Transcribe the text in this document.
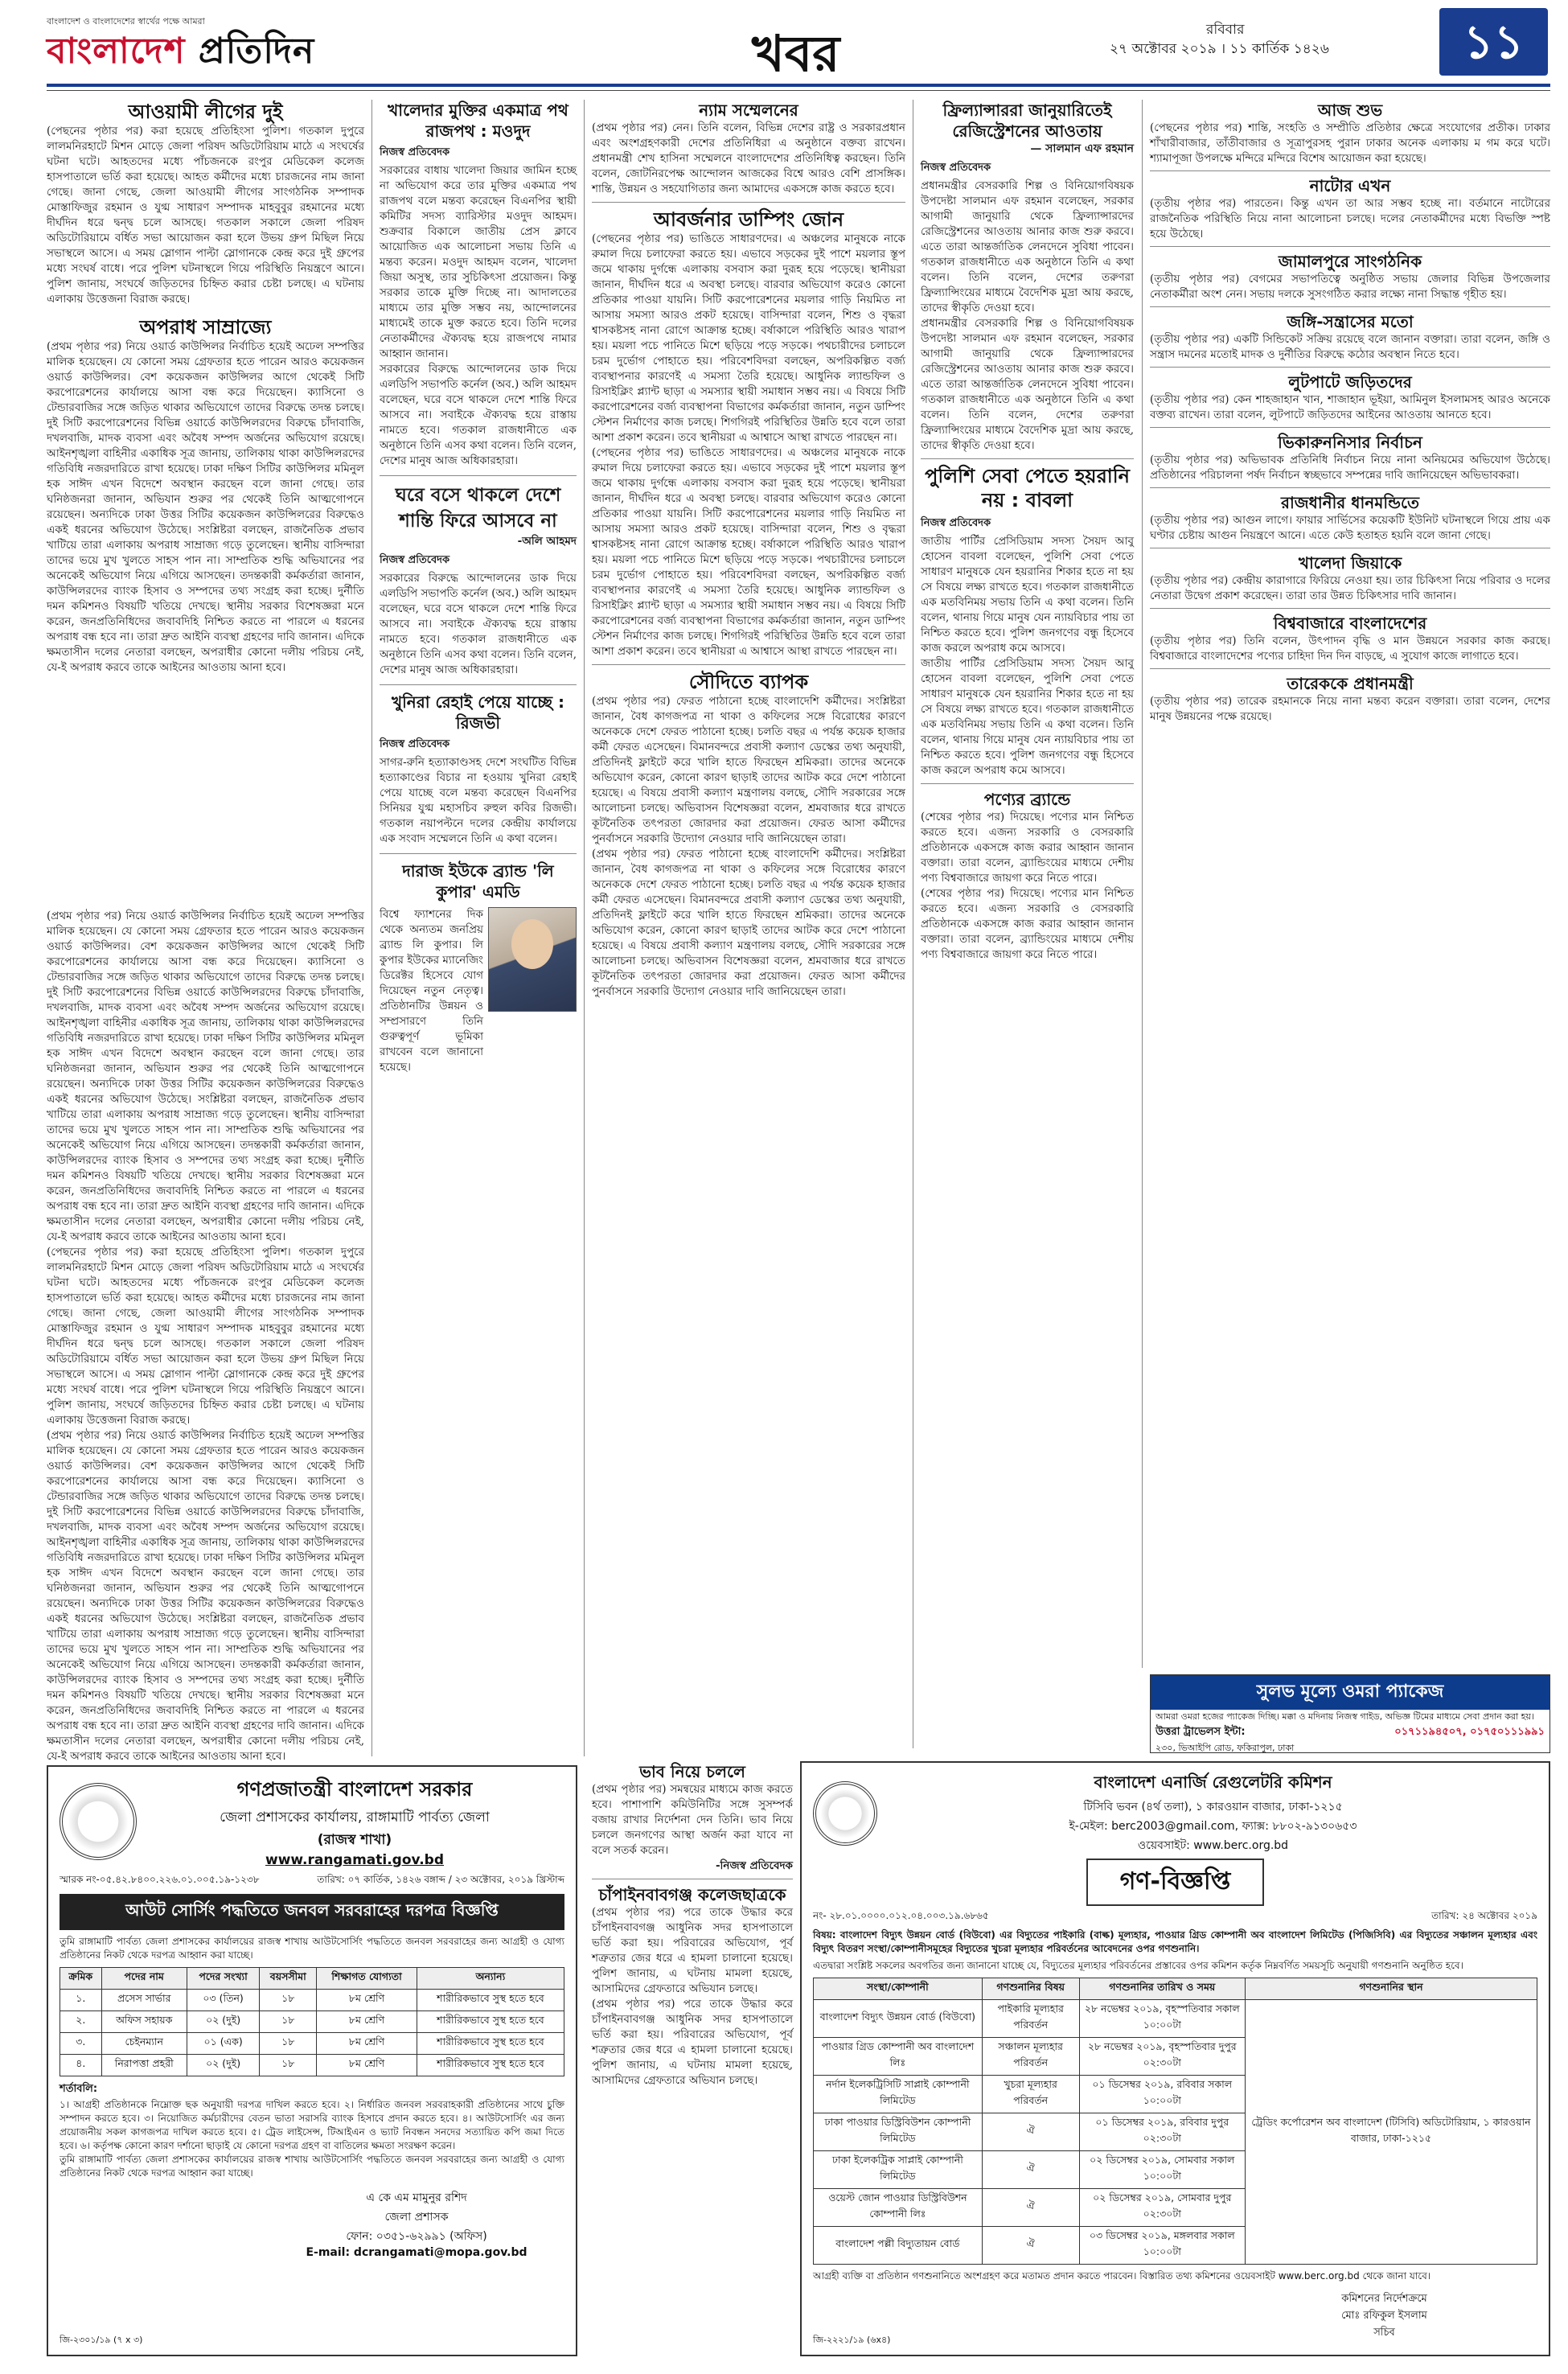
বাংলাদেশ ও বাংলাদেশের স্বার্থের পক্ষে আমরা
বাংলাদেশ প্রতিদিন	খবর	রবিবার
২৭ অক্টোবর ২০১৯ । ১১ কার্তিক ১৪২৬	১১
আওয়ামী লীগের দুই
(পেছনের পৃষ্ঠার পর) করা হয়েছে প্রতিহিংসা পুলিশ। গতকাল দুপুরে লালমনিরহাটে মিশন মোড়ে জেলা পরিষদ অডিটোরিয়াম মাঠে এ সংঘর্ষের ঘটনা ঘটে। আহতদের মধ্যে পাঁচজনকে রংপুর মেডিকেল কলেজ হাসপাতালে ভর্তি করা হয়েছে। আহত কর্মীদের মধ্যে চারজনের নাম জানা গেছে। জানা গেছে, জেলা আওয়ামী লীগের সাংগঠনিক সম্পাদক মোস্তাফিজুর রহমান ও যুগ্ম সাধারণ সম্পাদক মাহবুবুর রহমানের মধ্যে দীর্ঘদিন ধরে দ্বন্দ্ব চলে আসছে। গতকাল সকালে জেলা পরিষদ অডিটোরিয়ামে বর্ধিত সভা আয়োজন করা হলে উভয় গ্রুপ মিছিল নিয়ে সভাস্থলে আসে। এ সময় স্লোগান পাল্টা স্লোগানকে কেন্দ্র করে দুই গ্রুপের মধ্যে সংঘর্ষ বাধে। পরে পুলিশ ঘটনাস্থলে গিয়ে পরিস্থিতি নিয়ন্ত্রণে আনে। পুলিশ জানায়, সংঘর্ষে জড়িতদের চিহ্নিত করার চেষ্টা চলছে। এ ঘটনায় এলাকায় উত্তেজনা বিরাজ করছে।
অপরাধ সাম্রাজ্যে
(প্রথম পৃষ্ঠার পর) নিয়ে ওয়ার্ড কাউন্সিলর নির্বাচিত হয়েই অঢেল সম্পত্তির মালিক হয়েছেন। যে কোনো সময় গ্রেফতার হতে পারেন আরও কয়েকজন ওয়ার্ড কাউন্সিলর। বেশ কয়েকজন কাউন্সিলর আগে থেকেই সিটি করপোরেশনের কার্যালয়ে আসা বন্ধ করে দিয়েছেন। ক্যাসিনো ও টেন্ডারবাজির সঙ্গে জড়িত থাকার অভিযোগে তাদের বিরুদ্ধে তদন্ত চলছে। দুই সিটি করপোরেশনের বিভিন্ন ওয়ার্ডে কাউন্সিলরদের বিরুদ্ধে চাঁদাবাজি, দখলবাজি, মাদক ব্যবসা এবং অবৈধ সম্পদ অর্জনের অভিযোগ রয়েছে। আইনশৃঙ্খলা বাহিনীর একাধিক সূত্র জানায়, তালিকায় থাকা কাউন্সিলরদের গতিবিধি নজরদারিতে রাখা হয়েছে। ঢাকা দক্ষিণ সিটির কাউন্সিলর মমিনুল হক সাঈদ এখন বিদেশে অবস্থান করছেন বলে জানা গেছে। তার ঘনিষ্ঠজনরা জানান, অভিযান শুরুর পর থেকেই তিনি আত্মগোপনে রয়েছেন। অন্যদিকে ঢাকা উত্তর সিটির কয়েকজন কাউন্সিলরের বিরুদ্ধেও একই ধরনের অভিযোগ উঠেছে। সংশ্লিষ্টরা বলছেন, রাজনৈতিক প্রভাব খাটিয়ে তারা এলাকায় অপরাধ সাম্রাজ্য গড়ে তুলেছেন। স্থানীয় বাসিন্দারা তাদের ভয়ে মুখ খুলতে সাহস পান না। সাম্প্রতিক শুদ্ধি অভিযানের পর অনেকেই অভিযোগ নিয়ে এগিয়ে আসছেন। তদন্তকারী কর্মকর্তারা জানান, কাউন্সিলরদের ব্যাংক হিসাব ও সম্পদের তথ্য সংগ্রহ করা হচ্ছে। দুর্নীতি দমন কমিশনও বিষয়টি খতিয়ে দেখছে। স্থানীয় সরকার বিশেষজ্ঞরা মনে করেন, জনপ্রতিনিধিদের জবাবদিহি নিশ্চিত করতে না পারলে এ ধরনের অপরাধ বন্ধ হবে না। তারা দ্রুত আইনি ব্যবস্থা গ্রহণের দাবি জানান। এদিকে ক্ষমতাসীন দলের নেতারা বলছেন, অপরাধীর কোনো দলীয় পরিচয় নেই, যে-ই অপরাধ করবে তাকে আইনের আওতায় আনা হবে।
(প্রথম পৃষ্ঠার পর) নিয়ে ওয়ার্ড কাউন্সিলর নির্বাচিত হয়েই অঢেল সম্পত্তির মালিক হয়েছেন। যে কোনো সময় গ্রেফতার হতে পারেন আরও কয়েকজন ওয়ার্ড কাউন্সিলর। বেশ কয়েকজন কাউন্সিলর আগে থেকেই সিটি করপোরেশনের কার্যালয়ে আসা বন্ধ করে দিয়েছেন। ক্যাসিনো ও টেন্ডারবাজির সঙ্গে জড়িত থাকার অভিযোগে তাদের বিরুদ্ধে তদন্ত চলছে। দুই সিটি করপোরেশনের বিভিন্ন ওয়ার্ডে কাউন্সিলরদের বিরুদ্ধে চাঁদাবাজি, দখলবাজি, মাদক ব্যবসা এবং অবৈধ সম্পদ অর্জনের অভিযোগ রয়েছে। আইনশৃঙ্খলা বাহিনীর একাধিক সূত্র জানায়, তালিকায় থাকা কাউন্সিলরদের গতিবিধি নজরদারিতে রাখা হয়েছে। ঢাকা দক্ষিণ সিটির কাউন্সিলর মমিনুল হক সাঈদ এখন বিদেশে অবস্থান করছেন বলে জানা গেছে। তার ঘনিষ্ঠজনরা জানান, অভিযান শুরুর পর থেকেই তিনি আত্মগোপনে রয়েছেন। অন্যদিকে ঢাকা উত্তর সিটির কয়েকজন কাউন্সিলরের বিরুদ্ধেও একই ধরনের অভিযোগ উঠেছে। সংশ্লিষ্টরা বলছেন, রাজনৈতিক প্রভাব খাটিয়ে তারা এলাকায় অপরাধ সাম্রাজ্য গড়ে তুলেছেন। স্থানীয় বাসিন্দারা তাদের ভয়ে মুখ খুলতে সাহস পান না। সাম্প্রতিক শুদ্ধি অভিযানের পর অনেকেই অভিযোগ নিয়ে এগিয়ে আসছেন। তদন্তকারী কর্মকর্তারা জানান, কাউন্সিলরদের ব্যাংক হিসাব ও সম্পদের তথ্য সংগ্রহ করা হচ্ছে। দুর্নীতি দমন কমিশনও বিষয়টি খতিয়ে দেখছে। স্থানীয় সরকার বিশেষজ্ঞরা মনে করেন, জনপ্রতিনিধিদের জবাবদিহি নিশ্চিত করতে না পারলে এ ধরনের অপরাধ বন্ধ হবে না। তারা দ্রুত আইনি ব্যবস্থা গ্রহণের দাবি জানান। এদিকে ক্ষমতাসীন দলের নেতারা বলছেন, অপরাধীর কোনো দলীয় পরিচয় নেই, যে-ই অপরাধ করবে তাকে আইনের আওতায় আনা হবে।
(পেছনের পৃষ্ঠার পর) করা হয়েছে প্রতিহিংসা পুলিশ। গতকাল দুপুরে লালমনিরহাটে মিশন মোড়ে জেলা পরিষদ অডিটোরিয়াম মাঠে এ সংঘর্ষের ঘটনা ঘটে। আহতদের মধ্যে পাঁচজনকে রংপুর মেডিকেল কলেজ হাসপাতালে ভর্তি করা হয়েছে। আহত কর্মীদের মধ্যে চারজনের নাম জানা গেছে। জানা গেছে, জেলা আওয়ামী লীগের সাংগঠনিক সম্পাদক মোস্তাফিজুর রহমান ও যুগ্ম সাধারণ সম্পাদক মাহবুবুর রহমানের মধ্যে দীর্ঘদিন ধরে দ্বন্দ্ব চলে আসছে। গতকাল সকালে জেলা পরিষদ অডিটোরিয়ামে বর্ধিত সভা আয়োজন করা হলে উভয় গ্রুপ মিছিল নিয়ে সভাস্থলে আসে। এ সময় স্লোগান পাল্টা স্লোগানকে কেন্দ্র করে দুই গ্রুপের মধ্যে সংঘর্ষ বাধে। পরে পুলিশ ঘটনাস্থলে গিয়ে পরিস্থিতি নিয়ন্ত্রণে আনে। পুলিশ জানায়, সংঘর্ষে জড়িতদের চিহ্নিত করার চেষ্টা চলছে। এ ঘটনায় এলাকায় উত্তেজনা বিরাজ করছে।
(প্রথম পৃষ্ঠার পর) নিয়ে ওয়ার্ড কাউন্সিলর নির্বাচিত হয়েই অঢেল সম্পত্তির মালিক হয়েছেন। যে কোনো সময় গ্রেফতার হতে পারেন আরও কয়েকজন ওয়ার্ড কাউন্সিলর। বেশ কয়েকজন কাউন্সিলর আগে থেকেই সিটি করপোরেশনের কার্যালয়ে আসা বন্ধ করে দিয়েছেন। ক্যাসিনো ও টেন্ডারবাজির সঙ্গে জড়িত থাকার অভিযোগে তাদের বিরুদ্ধে তদন্ত চলছে। দুই সিটি করপোরেশনের বিভিন্ন ওয়ার্ডে কাউন্সিলরদের বিরুদ্ধে চাঁদাবাজি, দখলবাজি, মাদক ব্যবসা এবং অবৈধ সম্পদ অর্জনের অভিযোগ রয়েছে। আইনশৃঙ্খলা বাহিনীর একাধিক সূত্র জানায়, তালিকায় থাকা কাউন্সিলরদের গতিবিধি নজরদারিতে রাখা হয়েছে। ঢাকা দক্ষিণ সিটির কাউন্সিলর মমিনুল হক সাঈদ এখন বিদেশে অবস্থান করছেন বলে জানা গেছে। তার ঘনিষ্ঠজনরা জানান, অভিযান শুরুর পর থেকেই তিনি আত্মগোপনে রয়েছেন। অন্যদিকে ঢাকা উত্তর সিটির কয়েকজন কাউন্সিলরের বিরুদ্ধেও একই ধরনের অভিযোগ উঠেছে। সংশ্লিষ্টরা বলছেন, রাজনৈতিক প্রভাব খাটিয়ে তারা এলাকায় অপরাধ সাম্রাজ্য গড়ে তুলেছেন। স্থানীয় বাসিন্দারা তাদের ভয়ে মুখ খুলতে সাহস পান না। সাম্প্রতিক শুদ্ধি অভিযানের পর অনেকেই অভিযোগ নিয়ে এগিয়ে আসছেন। তদন্তকারী কর্মকর্তারা জানান, কাউন্সিলরদের ব্যাংক হিসাব ও সম্পদের তথ্য সংগ্রহ করা হচ্ছে। দুর্নীতি দমন কমিশনও বিষয়টি খতিয়ে দেখছে। স্থানীয় সরকার বিশেষজ্ঞরা মনে করেন, জনপ্রতিনিধিদের জবাবদিহি নিশ্চিত করতে না পারলে এ ধরনের অপরাধ বন্ধ হবে না। তারা দ্রুত আইনি ব্যবস্থা গ্রহণের দাবি জানান। এদিকে ক্ষমতাসীন দলের নেতারা বলছেন, অপরাধীর কোনো দলীয় পরিচয় নেই, যে-ই অপরাধ করবে তাকে আইনের আওতায় আনা হবে।
খালেদার মুক্তির একমাত্র পথ রাজপথ : মওদুদ
নিজস্ব প্রতিবেদক
সরকারের বাধায় খালেদা জিয়ার জামিন হচ্ছে না অভিযোগ করে তার মুক্তির একমাত্র পথ রাজপথ বলে মন্তব্য করেছেন বিএনপির স্থায়ী কমিটির সদস্য ব্যারিস্টার মওদুদ আহমদ। শুক্রবার বিকালে জাতীয় প্রেস ক্লাবে আয়োজিত এক আলোচনা সভায় তিনি এ মন্তব্য করেন। মওদুদ আহমদ বলেন, খালেদা জিয়া অসুস্থ, তার সুচিকিৎসা প্রয়োজন। কিন্তু সরকার তাকে মুক্তি দিচ্ছে না। আদালতের মাধ্যমে তার মুক্তি সম্ভব নয়, আন্দোলনের মাধ্যমেই তাকে মুক্ত করতে হবে। তিনি দলের নেতাকর্মীদের ঐক্যবদ্ধ হয়ে রাজপথে নামার আহ্বান জানান।
সরকারের বিরুদ্ধে আন্দোলনের ডাক দিয়ে এলডিপি সভাপতি কর্নেল (অব.) অলি আহমদ বলেছেন, ঘরে বসে থাকলে দেশে শান্তি ফিরে আসবে না। সবাইকে ঐক্যবদ্ধ হয়ে রাস্তায় নামতে হবে। গতকাল রাজধানীতে এক অনুষ্ঠানে তিনি এসব কথা বলেন। তিনি বলেন, দেশের মানুষ আজ অধিকারহারা।
ঘরে বসে থাকলে দেশে শান্তি ফিরে আসবে না
-অলি আহমদ
নিজস্ব প্রতিবেদক
সরকারের বিরুদ্ধে আন্দোলনের ডাক দিয়ে এলডিপি সভাপতি কর্নেল (অব.) অলি আহমদ বলেছেন, ঘরে বসে থাকলে দেশে শান্তি ফিরে আসবে না। সবাইকে ঐক্যবদ্ধ হয়ে রাস্তায় নামতে হবে। গতকাল রাজধানীতে এক অনুষ্ঠানে তিনি এসব কথা বলেন। তিনি বলেন, দেশের মানুষ আজ অধিকারহারা।
খুনিরা রেহাই পেয়ে যাচ্ছে : রিজভী
নিজস্ব প্রতিবেদক
সাগর-রুনি হত্যাকাণ্ডসহ দেশে সংঘটিত বিভিন্ন হত্যাকাণ্ডের বিচার না হওয়ায় খুনিরা রেহাই পেয়ে যাচ্ছে বলে মন্তব্য করেছেন বিএনপির সিনিয়র যুগ্ম মহাসচিব রুহুল কবির রিজভী। গতকাল নয়াপল্টনে দলের কেন্দ্রীয় কার্যালয়ে এক সংবাদ সম্মেলনে তিনি এ কথা বলেন।
দারাজ ইউকে ব্র্যান্ড 'লি কুপার' এমডি
বিশ্বে ফ্যাশনের দিক থেকে অন্যতম জনপ্রিয় ব্র্যান্ড লি কুপার। লি কুপার ইউকের ম্যানেজিং ডিরেক্টর হিসেবে যোগ দিয়েছেন নতুন নেতৃত্ব। প্রতিষ্ঠানটির উন্নয়ন ও সম্প্রসারণে তিনি গুরুত্বপূর্ণ ভূমিকা রাখবেন বলে জানানো হয়েছে।
ন্যাম সম্মেলনের
(প্রথম পৃষ্ঠার পর) নেন। তিনি বলেন, বিভিন্ন দেশের রাষ্ট্র ও সরকারপ্রধান এবং অংশগ্রহণকারী দেশের প্রতিনিধিরা এ অনুষ্ঠানে বক্তব্য রাখেন। প্রধানমন্ত্রী শেখ হাসিনা সম্মেলনে বাংলাদেশের প্রতিনিধিত্ব করছেন। তিনি বলেন, জোটনিরপেক্ষ আন্দোলন আজকের বিশ্বে আরও বেশি প্রাসঙ্গিক। শান্তি, উন্নয়ন ও সহযোগিতার জন্য আমাদের একসঙ্গে কাজ করতে হবে।
আবর্জনার ডাম্পিং জোন
(পেছনের পৃষ্ঠার পর) ভাঙিতে সাধারণদের। এ অঞ্চলের মানুষকে নাকে রুমাল দিয়ে চলাফেরা করতে হয়। এভাবে সড়কের দুই পাশে ময়লার স্তূপ জমে থাকায় দুর্গন্ধে এলাকায় বসবাস করা দুরূহ হয়ে পড়েছে। স্থানীয়রা জানান, দীর্ঘদিন ধরে এ অবস্থা চলছে। বারবার অভিযোগ করেও কোনো প্রতিকার পাওয়া যায়নি। সিটি করপোরেশনের ময়লার গাড়ি নিয়মিত না আসায় সমস্যা আরও প্রকট হয়েছে। বাসিন্দারা বলেন, শিশু ও বৃদ্ধরা শ্বাসকষ্টসহ নানা রোগে আক্রান্ত হচ্ছে। বর্ষাকালে পরিস্থিতি আরও খারাপ হয়। ময়লা পচে পানিতে মিশে ছড়িয়ে পড়ে সড়কে। পথচারীদের চলাচলে চরম দুর্ভোগ পোহাতে হয়। পরিবেশবিদরা বলছেন, অপরিকল্পিত বর্জ্য ব্যবস্থাপনার কারণেই এ সমস্যা তৈরি হয়েছে। আধুনিক ল্যান্ডফিল ও রিসাইক্লিং প্ল্যান্ট ছাড়া এ সমস্যার স্থায়ী সমাধান সম্ভব নয়। এ বিষয়ে সিটি করপোরেশনের বর্জ্য ব্যবস্থাপনা বিভাগের কর্মকর্তারা জানান, নতুন ডাম্পিং স্টেশন নির্মাণের কাজ চলছে। শিগগিরই পরিস্থিতির উন্নতি হবে বলে তারা আশা প্রকাশ করেন। তবে স্থানীয়রা এ আশ্বাসে আস্থা রাখতে পারছেন না।
(পেছনের পৃষ্ঠার পর) ভাঙিতে সাধারণদের। এ অঞ্চলের মানুষকে নাকে রুমাল দিয়ে চলাফেরা করতে হয়। এভাবে সড়কের দুই পাশে ময়লার স্তূপ জমে থাকায় দুর্গন্ধে এলাকায় বসবাস করা দুরূহ হয়ে পড়েছে। স্থানীয়রা জানান, দীর্ঘদিন ধরে এ অবস্থা চলছে। বারবার অভিযোগ করেও কোনো প্রতিকার পাওয়া যায়নি। সিটি করপোরেশনের ময়লার গাড়ি নিয়মিত না আসায় সমস্যা আরও প্রকট হয়েছে। বাসিন্দারা বলেন, শিশু ও বৃদ্ধরা শ্বাসকষ্টসহ নানা রোগে আক্রান্ত হচ্ছে। বর্ষাকালে পরিস্থিতি আরও খারাপ হয়। ময়লা পচে পানিতে মিশে ছড়িয়ে পড়ে সড়কে। পথচারীদের চলাচলে চরম দুর্ভোগ পোহাতে হয়। পরিবেশবিদরা বলছেন, অপরিকল্পিত বর্জ্য ব্যবস্থাপনার কারণেই এ সমস্যা তৈরি হয়েছে। আধুনিক ল্যান্ডফিল ও রিসাইক্লিং প্ল্যান্ট ছাড়া এ সমস্যার স্থায়ী সমাধান সম্ভব নয়। এ বিষয়ে সিটি করপোরেশনের বর্জ্য ব্যবস্থাপনা বিভাগের কর্মকর্তারা জানান, নতুন ডাম্পিং স্টেশন নির্মাণের কাজ চলছে। শিগগিরই পরিস্থিতির উন্নতি হবে বলে তারা আশা প্রকাশ করেন। তবে স্থানীয়রা এ আশ্বাসে আস্থা রাখতে পারছেন না।
সৌদিতে ব্যাপক
(প্রথম পৃষ্ঠার পর) ফেরত পাঠানো হচ্ছে বাংলাদেশি কর্মীদের। সংশ্লিষ্টরা জানান, বৈধ কাগজপত্র না থাকা ও কফিলের সঙ্গে বিরোধের কারণে অনেককে দেশে ফেরত পাঠানো হচ্ছে। চলতি বছর এ পর্যন্ত কয়েক হাজার কর্মী ফেরত এসেছেন। বিমানবন্দরে প্রবাসী কল্যাণ ডেস্কের তথ্য অনুযায়ী, প্রতিদিনই ফ্লাইটে করে খালি হাতে ফিরছেন শ্রমিকরা। তাদের অনেকে অভিযোগ করেন, কোনো কারণ ছাড়াই তাদের আটক করে দেশে পাঠানো হয়েছে। এ বিষয়ে প্রবাসী কল্যাণ মন্ত্রণালয় বলছে, সৌদি সরকারের সঙ্গে আলোচনা চলছে। অভিবাসন বিশেষজ্ঞরা বলেন, শ্রমবাজার ধরে রাখতে কূটনৈতিক তৎপরতা জোরদার করা প্রয়োজন। ফেরত আসা কর্মীদের পুনর্বাসনে সরকারি উদ্যোগ নেওয়ার দাবি জানিয়েছেন তারা।
(প্রথম পৃষ্ঠার পর) ফেরত পাঠানো হচ্ছে বাংলাদেশি কর্মীদের। সংশ্লিষ্টরা জানান, বৈধ কাগজপত্র না থাকা ও কফিলের সঙ্গে বিরোধের কারণে অনেককে দেশে ফেরত পাঠানো হচ্ছে। চলতি বছর এ পর্যন্ত কয়েক হাজার কর্মী ফেরত এসেছেন। বিমানবন্দরে প্রবাসী কল্যাণ ডেস্কের তথ্য অনুযায়ী, প্রতিদিনই ফ্লাইটে করে খালি হাতে ফিরছেন শ্রমিকরা। তাদের অনেকে অভিযোগ করেন, কোনো কারণ ছাড়াই তাদের আটক করে দেশে পাঠানো হয়েছে। এ বিষয়ে প্রবাসী কল্যাণ মন্ত্রণালয় বলছে, সৌদি সরকারের সঙ্গে আলোচনা চলছে। অভিবাসন বিশেষজ্ঞরা বলেন, শ্রমবাজার ধরে রাখতে কূটনৈতিক তৎপরতা জোরদার করা প্রয়োজন। ফেরত আসা কর্মীদের পুনর্বাসনে সরকারি উদ্যোগ নেওয়ার দাবি জানিয়েছেন তারা।
ভাব নিয়ে চললে
(প্রথম পৃষ্ঠার পর) সমন্বয়ের মাধ্যমে কাজ করতে হবে। পাশাপাশি কমিউনিটির সঙ্গে সুসম্পর্ক বজায় রাখার নির্দেশনা দেন তিনি। ভাব নিয়ে চললে জনগণের আস্থা অর্জন করা যাবে না বলে সতর্ক করেন।
-নিজস্ব প্রতিবেদক
চাঁপাইনবাবগঞ্জ কলেজছাত্রকে
(প্রথম পৃষ্ঠার পর) পরে তাকে উদ্ধার করে চাঁপাইনবাবগঞ্জ আধুনিক সদর হাসপাতালে ভর্তি করা হয়। পরিবারের অভিযোগ, পূর্ব শত্রুতার জের ধরে এ হামলা চালানো হয়েছে। পুলিশ জানায়, এ ঘটনায় মামলা হয়েছে, আসামিদের গ্রেফতারে অভিযান চলছে।
(প্রথম পৃষ্ঠার পর) পরে তাকে উদ্ধার করে চাঁপাইনবাবগঞ্জ আধুনিক সদর হাসপাতালে ভর্তি করা হয়। পরিবারের অভিযোগ, পূর্ব শত্রুতার জের ধরে এ হামলা চালানো হয়েছে। পুলিশ জানায়, এ ঘটনায় মামলা হয়েছে, আসামিদের গ্রেফতারে অভিযান চলছে।
ফ্রিল্যান্সাররা জানুয়ারিতেই রেজিস্ট্রেশনের আওতায়
— সালমান এফ রহমান
নিজস্ব প্রতিবেদক
প্রধানমন্ত্রীর বেসরকারি শিল্প ও বিনিয়োগবিষয়ক উপদেষ্টা সালমান এফ রহমান বলেছেন, সরকার আগামী জানুয়ারি থেকে ফ্রিল্যান্সারদের রেজিস্ট্রেশনের আওতায় আনার কাজ শুরু করবে। এতে তারা আন্তর্জাতিক লেনদেনে সুবিধা পাবেন। গতকাল রাজধানীতে এক অনুষ্ঠানে তিনি এ কথা বলেন। তিনি বলেন, দেশের তরুণরা ফ্রিল্যান্সিংয়ের মাধ্যমে বৈদেশিক মুদ্রা আয় করছে, তাদের স্বীকৃতি দেওয়া হবে।
প্রধানমন্ত্রীর বেসরকারি শিল্প ও বিনিয়োগবিষয়ক উপদেষ্টা সালমান এফ রহমান বলেছেন, সরকার আগামী জানুয়ারি থেকে ফ্রিল্যান্সারদের রেজিস্ট্রেশনের আওতায় আনার কাজ শুরু করবে। এতে তারা আন্তর্জাতিক লেনদেনে সুবিধা পাবেন। গতকাল রাজধানীতে এক অনুষ্ঠানে তিনি এ কথা বলেন। তিনি বলেন, দেশের তরুণরা ফ্রিল্যান্সিংয়ের মাধ্যমে বৈদেশিক মুদ্রা আয় করছে, তাদের স্বীকৃতি দেওয়া হবে।
পুলিশি সেবা পেতে হয়রানি নয় : বাবলা
নিজস্ব প্রতিবেদক
জাতীয় পার্টির প্রেসিডিয়াম সদস্য সৈয়দ আবু হোসেন বাবলা বলেছেন, পুলিশি সেবা পেতে সাধারণ মানুষকে যেন হয়রানির শিকার হতে না হয় সে বিষয়ে লক্ষ্য রাখতে হবে। গতকাল রাজধানীতে এক মতবিনিময় সভায় তিনি এ কথা বলেন। তিনি বলেন, থানায় গিয়ে মানুষ যেন ন্যায়বিচার পায় তা নিশ্চিত করতে হবে। পুলিশ জনগণের বন্ধু হিসেবে কাজ করলে অপরাধ কমে আসবে।
জাতীয় পার্টির প্রেসিডিয়াম সদস্য সৈয়দ আবু হোসেন বাবলা বলেছেন, পুলিশি সেবা পেতে সাধারণ মানুষকে যেন হয়রানির শিকার হতে না হয় সে বিষয়ে লক্ষ্য রাখতে হবে। গতকাল রাজধানীতে এক মতবিনিময় সভায় তিনি এ কথা বলেন। তিনি বলেন, থানায় গিয়ে মানুষ যেন ন্যায়বিচার পায় তা নিশ্চিত করতে হবে। পুলিশ জনগণের বন্ধু হিসেবে কাজ করলে অপরাধ কমে আসবে।
পণ্যের ব্র্যান্ডে
(শেষের পৃষ্ঠার পর) দিয়েছে। পণ্যের মান নিশ্চিত করতে হবে। এজন্য সরকারি ও বেসরকারি প্রতিষ্ঠানকে একসঙ্গে কাজ করার আহ্বান জানান বক্তারা। তারা বলেন, ব্র্যান্ডিংয়ের মাধ্যমে দেশীয় পণ্য বিশ্ববাজারে জায়গা করে নিতে পারে।
(শেষের পৃষ্ঠার পর) দিয়েছে। পণ্যের মান নিশ্চিত করতে হবে। এজন্য সরকারি ও বেসরকারি প্রতিষ্ঠানকে একসঙ্গে কাজ করার আহ্বান জানান বক্তারা। তারা বলেন, ব্র্যান্ডিংয়ের মাধ্যমে দেশীয় পণ্য বিশ্ববাজারে জায়গা করে নিতে পারে।
আজ শুভ
(পেছনের পৃষ্ঠার পর) শান্তি, সংহতি ও সম্প্রীতি প্রতিষ্ঠার ক্ষেত্রে সংযোগের প্রতীক। ঢাকার শাঁখারীবাজার, তাঁতীবাজার ও সূত্রাপুরসহ পুরান ঢাকার অনেক এলাকায় ম গম করে ঘটে। শ্যামাপূজা উপলক্ষে মন্দিরে মন্দিরে বিশেষ আয়োজন করা হয়েছে।
নাটোর এখন
(তৃতীয় পৃষ্ঠার পর) পারতেন। কিন্তু এখন তা আর সম্ভব হচ্ছে না। বর্তমানে নাটোরের রাজনৈতিক পরিস্থিতি নিয়ে নানা আলোচনা চলছে। দলের নেতাকর্মীদের মধ্যে বিভক্তি স্পষ্ট হয়ে উঠেছে।
জামালপুরে সাংগঠনিক
(তৃতীয় পৃষ্ঠার পর) বেগমের সভাপতিত্বে অনুষ্ঠিত সভায় জেলার বিভিন্ন উপজেলার নেতাকর্মীরা অংশ নেন। সভায় দলকে সুসংগঠিত করার লক্ষ্যে নানা সিদ্ধান্ত গৃহীত হয়।
জঙ্গি-সন্ত্রাসের মতো
(তৃতীয় পৃষ্ঠার পর) একটি সিন্ডিকেট সক্রিয় রয়েছে বলে জানান বক্তারা। তারা বলেন, জঙ্গি ও সন্ত্রাস দমনের মতোই মাদক ও দুর্নীতির বিরুদ্ধে কঠোর অবস্থান নিতে হবে।
লুটপাটে জড়িতদের
(তৃতীয় পৃষ্ঠার পর) কেন শাহজাহান খান, শাজাহান ভূইয়া, আমিনুল ইসলামসহ আরও অনেকে বক্তব্য রাখেন। তারা বলেন, লুটপাটে জড়িতদের আইনের আওতায় আনতে হবে।
ভিকারুননিসার নির্বাচন
(তৃতীয় পৃষ্ঠার পর) অভিভাবক প্রতিনিধি নির্বাচন নিয়ে নানা অনিয়মের অভিযোগ উঠেছে। প্রতিষ্ঠানের পরিচালনা পর্ষদ নির্বাচন স্বচ্ছভাবে সম্পন্নের দাবি জানিয়েছেন অভিভাবকরা।
রাজধানীর ধানমন্ডিতে
(তৃতীয় পৃষ্ঠার পর) আগুন লাগে। ফায়ার সার্ভিসের কয়েকটি ইউনিট ঘটনাস্থলে গিয়ে প্রায় এক ঘণ্টার চেষ্টায় আগুন নিয়ন্ত্রণে আনে। এতে কেউ হতাহত হয়নি বলে জানা গেছে।
খালেদা জিয়াকে
(তৃতীয় পৃষ্ঠার পর) কেন্দ্রীয় কারাগারে ফিরিয়ে নেওয়া হয়। তার চিকিৎসা নিয়ে পরিবার ও দলের নেতারা উদ্বেগ প্রকাশ করেছেন। তারা তার উন্নত চিকিৎসার দাবি জানান।
বিশ্ববাজারে বাংলাদেশের
(তৃতীয় পৃষ্ঠার পর) তিনি বলেন, উৎপাদন বৃদ্ধি ও মান উন্নয়নে সরকার কাজ করছে। বিশ্ববাজারে বাংলাদেশের পণ্যের চাহিদা দিন দিন বাড়ছে, এ সুযোগ কাজে লাগাতে হবে।
তারেককে প্রধানমন্ত্রী
(তৃতীয় পৃষ্ঠার পর) তারেক রহমানকে নিয়ে নানা মন্তব্য করেন বক্তারা। তারা বলেন, দেশের মানুষ উন্নয়নের পক্ষে রয়েছে।
সুলভ মূল্যে ওমরা প্যাকেজ
আমরা ওমরা হজের প্যাকেজ দিচ্ছি। মক্কা ও মদিনায় নিজস্ব গাইড, অভিজ্ঞ টিমের মাধ্যমে সেবা প্রদান করা হয়।
উত্তরা ট্রাভেলস ইন্টা:	০১৭১১৯৪৫০৭, ০১৭৫০১১১৯৯১
২৩০, ভিআইপি রোড, ফকিরাপুল, ঢাকা
গণপ্রজাতন্ত্রী বাংলাদেশ সরকার
জেলা প্রশাসকের কার্যালয়, রাঙ্গামাটি পার্বত্য জেলা
(রাজস্ব শাখা)
www.rangamati.gov.bd
স্মারক নং-০৫.৪২.৮৪০০.২২৬.০১.০০৫.১৯-১২৩৮	তারিখ: ০৭ কার্তিক, ১৪২৬ বঙ্গাব্দ / ২৩ অক্টোবর, ২০১৯ খ্রিস্টাব্দ
আউট সোর্সিং পদ্ধতিতে জনবল সরবরাহের দরপত্র বিজ্ঞপ্তি
তুমি রাঙ্গামাটি পার্বত্য জেলা প্রশাসকের কার্যালয়ের রাজস্ব শাখায় আউটসোর্সিং পদ্ধতিতে জনবল সরবরাহের জন্য আগ্রহী ও যোগ্য প্রতিষ্ঠানের নিকট থেকে দরপত্র আহ্বান করা যাচ্ছে।
ক্রমিক	পদের নাম	পদের সংখ্যা	বয়সসীমা	শিক্ষাগত যোগ্যতা	অন্যান্য
১.	প্রসেস সার্ভার	০৩ (তিন)	১৮	৮ম শ্রেণি	শারীরিকভাবে সুস্থ হতে হবে
২.	অফিস সহায়ক	০২ (দুই)	১৮	৮ম শ্রেণি	শারীরিকভাবে সুস্থ হতে হবে
৩.	চেইনম্যান	০১ (এক)	১৮	৮ম শ্রেণি	শারীরিকভাবে সুস্থ হতে হবে
৪.	নিরাপত্তা প্রহরী	০২ (দুই)	১৮	৮ম শ্রেণি	শারীরিকভাবে সুস্থ হতে হবে
শর্তাবলি:
১। আগ্রহী প্রতিষ্ঠানকে নিম্নোক্ত ছক অনুযায়ী দরপত্র দাখিল করতে হবে। ২। নির্ধারিত জনবল সরবরাহকারী প্রতিষ্ঠানের সাথে চুক্তি সম্পাদন করতে হবে। ৩। নিয়োজিত কর্মচারীদের বেতন ভাতা সরাসরি ব্যাংক হিসাবে প্রদান করতে হবে। ৪। আউটসোর্সিং এর জন্য প্রয়োজনীয় সকল কাগজপত্র দাখিল করতে হবে। ৫। ট্রেড লাইসেন্স, টিআইএন ও ভ্যাট নিবন্ধন সনদের সত্যায়িত কপি জমা দিতে হবে। ৬। কর্তৃপক্ষ কোনো কারণ দর্শানো ছাড়াই যে কোনো দরপত্র গ্রহণ বা বাতিলের ক্ষমতা সংরক্ষণ করেন।
তুমি রাঙ্গামাটি পার্বত্য জেলা প্রশাসকের কার্যালয়ের রাজস্ব শাখায় আউটসোর্সিং পদ্ধতিতে জনবল সরবরাহের জন্য আগ্রহী ও যোগ্য প্রতিষ্ঠানের নিকট থেকে দরপত্র আহ্বান করা যাচ্ছে।
এ কে এম মামুনুর রশিদ
জেলা প্রশাসক
ফোন: ০৩৫১-৬২৯৯১ (অফিস)
E-mail: dcrangamati@mopa.gov.bd
জি-২৩০১/১৯ (৭ x ৩)
বাংলাদেশ এনার্জি রেগুলেটরি কমিশন
টিসিবি ভবন (৪র্থ তলা), ১ কারওয়ান বাজার, ঢাকা-১২১৫
ই-মেইল: berc2003@gmail.com, ফ্যাক্স: ৮৮০২-৯১৩০৬৫৩
ওয়েবসাইট: www.berc.org.bd
গণ-বিজ্ঞপ্তি
নং- ২৮.০১.০০০০.০১২.০৪.০০৩.১৯.৬৮৬৫	তারিখ: ২৪ অক্টোবর ২০১৯
বিষয়: বাংলাদেশ বিদ্যুৎ উন্নয়ন বোর্ড (বিউবো) এর বিদ্যুতের পাইকারি (বাল্ক) মূল্যহার, পাওয়ার গ্রিড কোম্পানী অব বাংলাদেশ লিমিটেড (পিজিসিবি) এর বিদ্যুতের সঞ্চালন মূল্যহার এবং বিদ্যুৎ বিতরণ সংস্থা/কোম্পানীসমূহের বিদ্যুতের খুচরা মূল্যহার পরিবর্তনের আবেদনের ওপর গণশুনানি।
এতদ্বারা সংশ্লিষ্ট সকলের অবগতির জন্য জানানো যাচ্ছে যে, বিদ্যুতের মূল্যহার পরিবর্তনের প্রস্তাবের ওপর কমিশন কর্তৃক নিম্নবর্ণিত সময়সূচি অনুযায়ী গণশুনানি অনুষ্ঠিত হবে।
সংস্থা/কোম্পানী	গণশুনানির বিষয়	গণশুনানির তারিখ ও সময়	গণশুনানির স্থান
বাংলাদেশ বিদ্যুৎ উন্নয়ন বোর্ড (বিউবো)	পাইকারি মূল্যহার পরিবর্তন	২৮ নভেম্বর ২০১৯, বৃহস্পতিবার সকাল ১০:০০টা	ট্রেডিং কর্পোরেশন অব বাংলাদেশ (টিসিবি) অডিটোরিয়াম, ১ কারওয়ান বাজার, ঢাকা-১২১৫
পাওয়ার গ্রিড কোম্পানী অব বাংলাদেশ লিঃ	সঞ্চালন মূল্যহার পরিবর্তন	২৮ নভেম্বর ২০১৯, বৃহস্পতিবার দুপুর ০২:৩০টা	
নর্দান ইলেকট্রিসিটি সাপ্লাই কোম্পানী লিমিটেড	খুচরা মূল্যহার পরিবর্তন	০১ ডিসেম্বর ২০১৯, রবিবার সকাল ১০:০০টা	
ঢাকা পাওয়ার ডিস্ট্রিবিউশন কোম্পানী লিমিটেড	ঐ	০১ ডিসেম্বর ২০১৯, রবিবার দুপুর ০২:৩০টা	
ঢাকা ইলেকট্রিক সাপ্লাই কোম্পানী লিমিটেড	ঐ	০২ ডিসেম্বর ২০১৯, সোমবার সকাল ১০:০০টা	
ওয়েস্ট জোন পাওয়ার ডিস্ট্রিবিউশন কোম্পানী লিঃ	ঐ	০২ ডিসেম্বর ২০১৯, সোমবার দুপুর ০২:৩০টা	
বাংলাদেশ পল্লী বিদ্যুতায়ন বোর্ড	ঐ	০৩ ডিসেম্বর ২০১৯, মঙ্গলবার সকাল ১০:০০টা	
আগ্রহী ব্যক্তি বা প্রতিষ্ঠান গণশুনানিতে অংশগ্রহণ করে মতামত প্রদান করতে পারবেন। বিস্তারিত তথ্য কমিশনের ওয়েবসাইট www.berc.org.bd থেকে জানা যাবে।
কমিশনের নির্দেশক্রমে
মোঃ রফিকুল ইসলাম
সচিব
জি-২২২১/১৯ (৬x৪)
